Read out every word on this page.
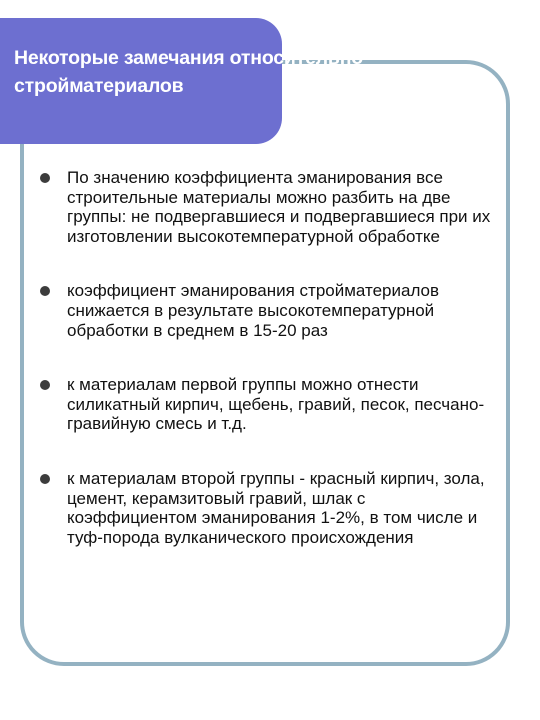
Некоторые замечания относительно
стройматериалов
По значению коэффициента эманирования все строительные материалы можно разбить на две группы: не подвергавшиеся и подвергавшиеся при их изготовлении высокотемпературной обработке
коэффициент эманирования стройматериалов снижается в результате высокотемпературной обработки в среднем в 15-20 раз
к материалам первой группы можно отнести силикатный кирпич, щебень, гравий, песок, песчано-гравийную смесь и т.д.
к материалам второй группы - красный кирпич, зола, цемент, керамзитовый гравий, шлак с коэффициентом эманирования 1-2%, в том числе и туф-порода вулканического происхождения
